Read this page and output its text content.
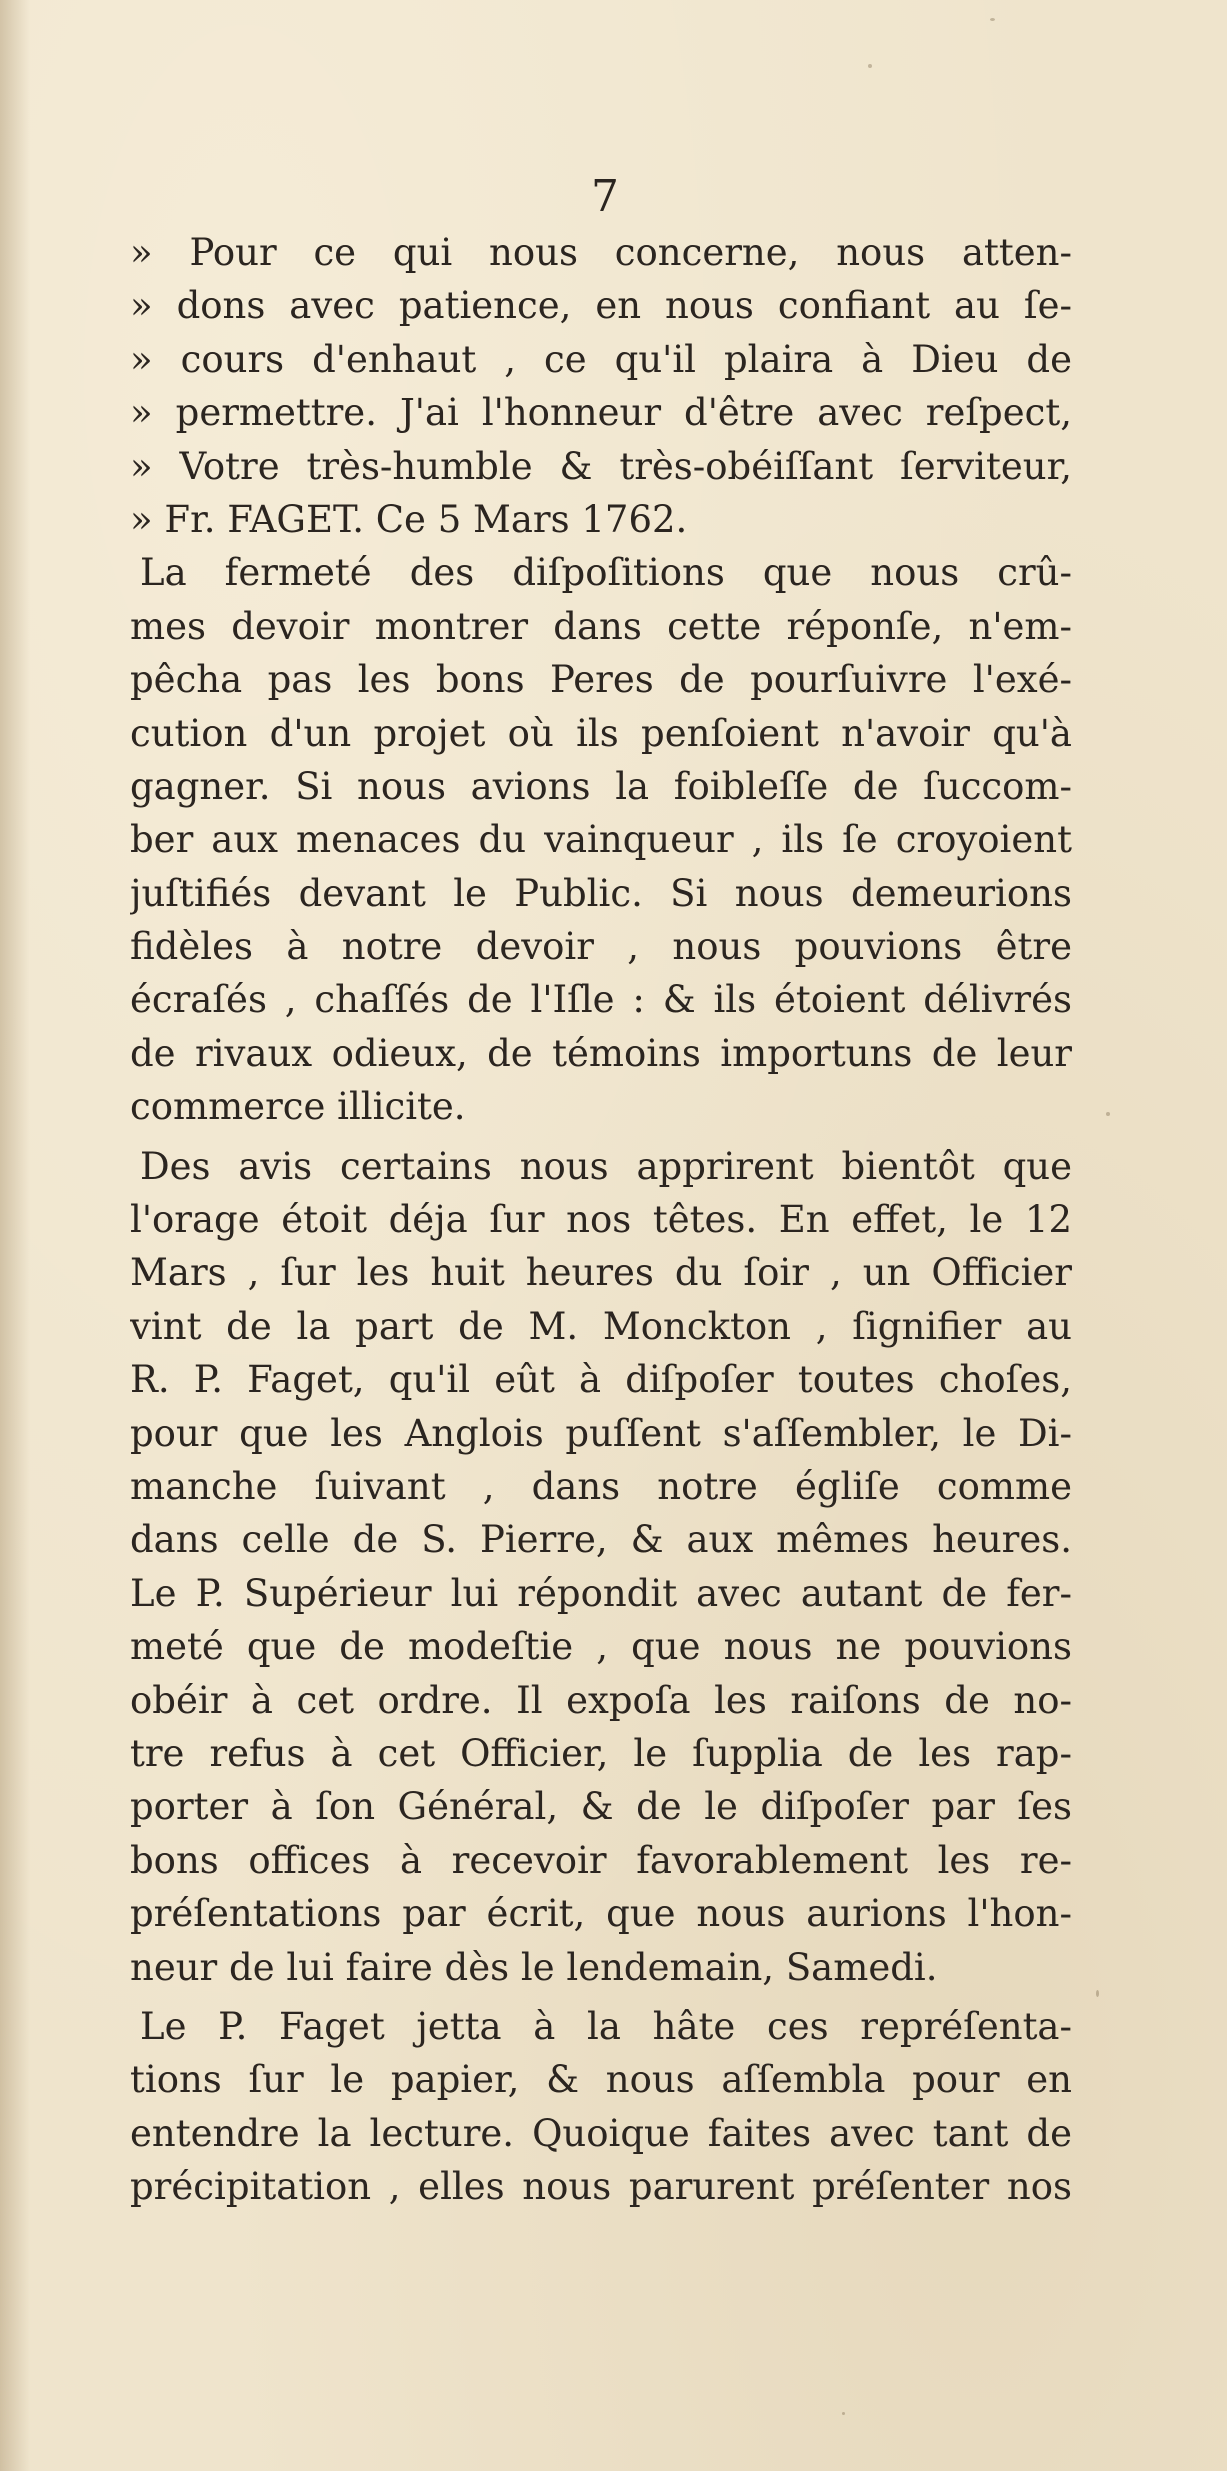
7
» Pour ce qui nous concerne, nous atten-
» dons avec patience, en nous confiant au ſe-
» cours d'enhaut , ce qu'il plaira à Dieu de
» permettre. J'ai l'honneur d'être avec reſpect,
» Votre très-humble & très-obéiſſant ſerviteur,
» Fr. FAGET. Ce 5 Mars 1762.
La fermeté des diſpoſitions que nous crû-
mes devoir montrer dans cette réponſe, n'em-
pêcha pas les bons Peres de pourſuivre l'exé-
cution d'un projet où ils penſoient n'avoir qu'à
gagner. Si nous avions la foibleſſe de ſuccom-
ber aux menaces du vainqueur , ils ſe croyoient
juſtifiés devant le Public. Si nous demeurions
fidèles à notre devoir , nous pouvions être
écraſés , chaſſés de l'Iſle : & ils étoient délivrés
de rivaux odieux, de témoins importuns de leur
commerce illicite.
Des avis certains nous apprirent bientôt que
l'orage étoit déja ſur nos têtes. En effet, le 12
Mars , ſur les huit heures du ſoir , un Officier
vint de la part de M. Monckton , ſignifier au
R. P. Faget, qu'il eût à diſpoſer toutes choſes,
pour que les Anglois puſſent s'aſſembler, le Di-
manche ſuivant , dans notre égliſe comme
dans celle de S. Pierre, & aux mêmes heures.
Le P. Supérieur lui répondit avec autant de fer-
meté que de modeſtie , que nous ne pouvions
obéir à cet ordre. Il expoſa les raiſons de no-
tre refus à cet Officier, le ſupplia de les rap-
porter à ſon Général, & de le diſpoſer par ſes
bons offices à recevoir favorablement les re-
préſentations par écrit, que nous aurions l'hon-
neur de lui faire dès le lendemain, Samedi.
Le P. Faget jetta à la hâte ces repréſenta-
tions ſur le papier, & nous aſſembla pour en
entendre la lecture. Quoique faites avec tant de
précipitation , elles nous parurent préſenter nos
